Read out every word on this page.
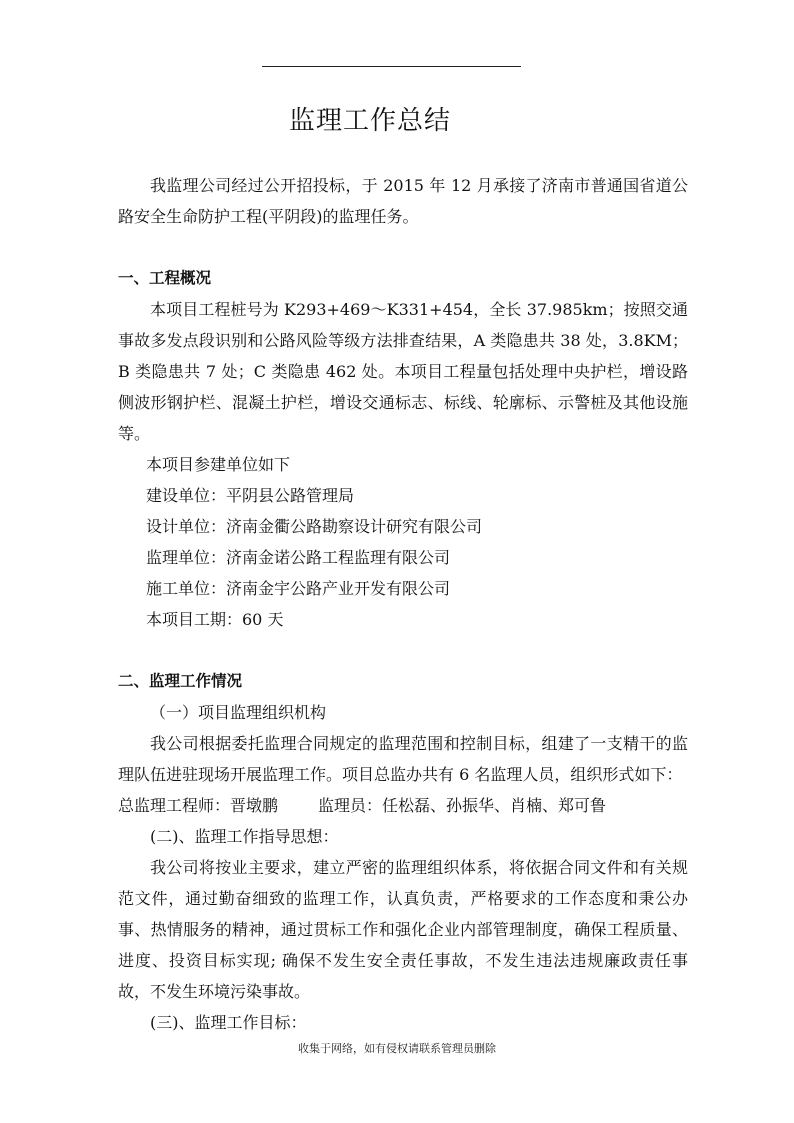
监理工作总结

我监理公司经过公开招投标，于 2015 年 12 月承接了济南市普通国省道公路安全生命防护工程(平阴段)的监理任务。

一、工程概况

本项目工程桩号为 K293+469～K331+454，全长 37.985km；按照交通事故多发点段识别和公路风险等级方法排查结果，A 类隐患共 38 处，3.8KM；B 类隐患共 7 处；C 类隐患 462 处。本项目工程量包括处理中央护栏，增设路侧波形钢护栏、混凝土护栏，增设交通标志、标线、轮廓标、示警桩及其他设施等。

本项目参建单位如下

建设单位：平阴县公路管理局

设计单位：济南金衢公路勘察设计研究有限公司

监理单位：济南金诺公路工程监理有限公司

施工单位：济南金宇公路产业开发有限公司

本项目工期：60 天

二、监理工作情况

（一）项目监理组织机构

我公司根据委托监理合同规定的监理范围和控制目标，组建了一支精干的监理队伍进驻现场开展监理工作。项目总监办共有 6 名监理人员，组织形式如下：

总监理工程师：晋墩鹏	监理员：任松磊、孙振华、肖楠、郑可鲁

(二)、监理工作指导思想：

我公司将按业主要求，建立严密的监理组织体系，将依据合同文件和有关规范文件，通过勤奋细致的监理工作，认真负责，严格要求的工作态度和秉公办事、热情服务的精神，通过贯标工作和强化企业内部管理制度，确保工程质量、进度、投资目标实现; 确保不发生安全责任事故，不发生违法违规廉政责任事故，不发生环境污染事故。

(三)、监理工作目标：

收集于网络，如有侵权请联系管理员删除
